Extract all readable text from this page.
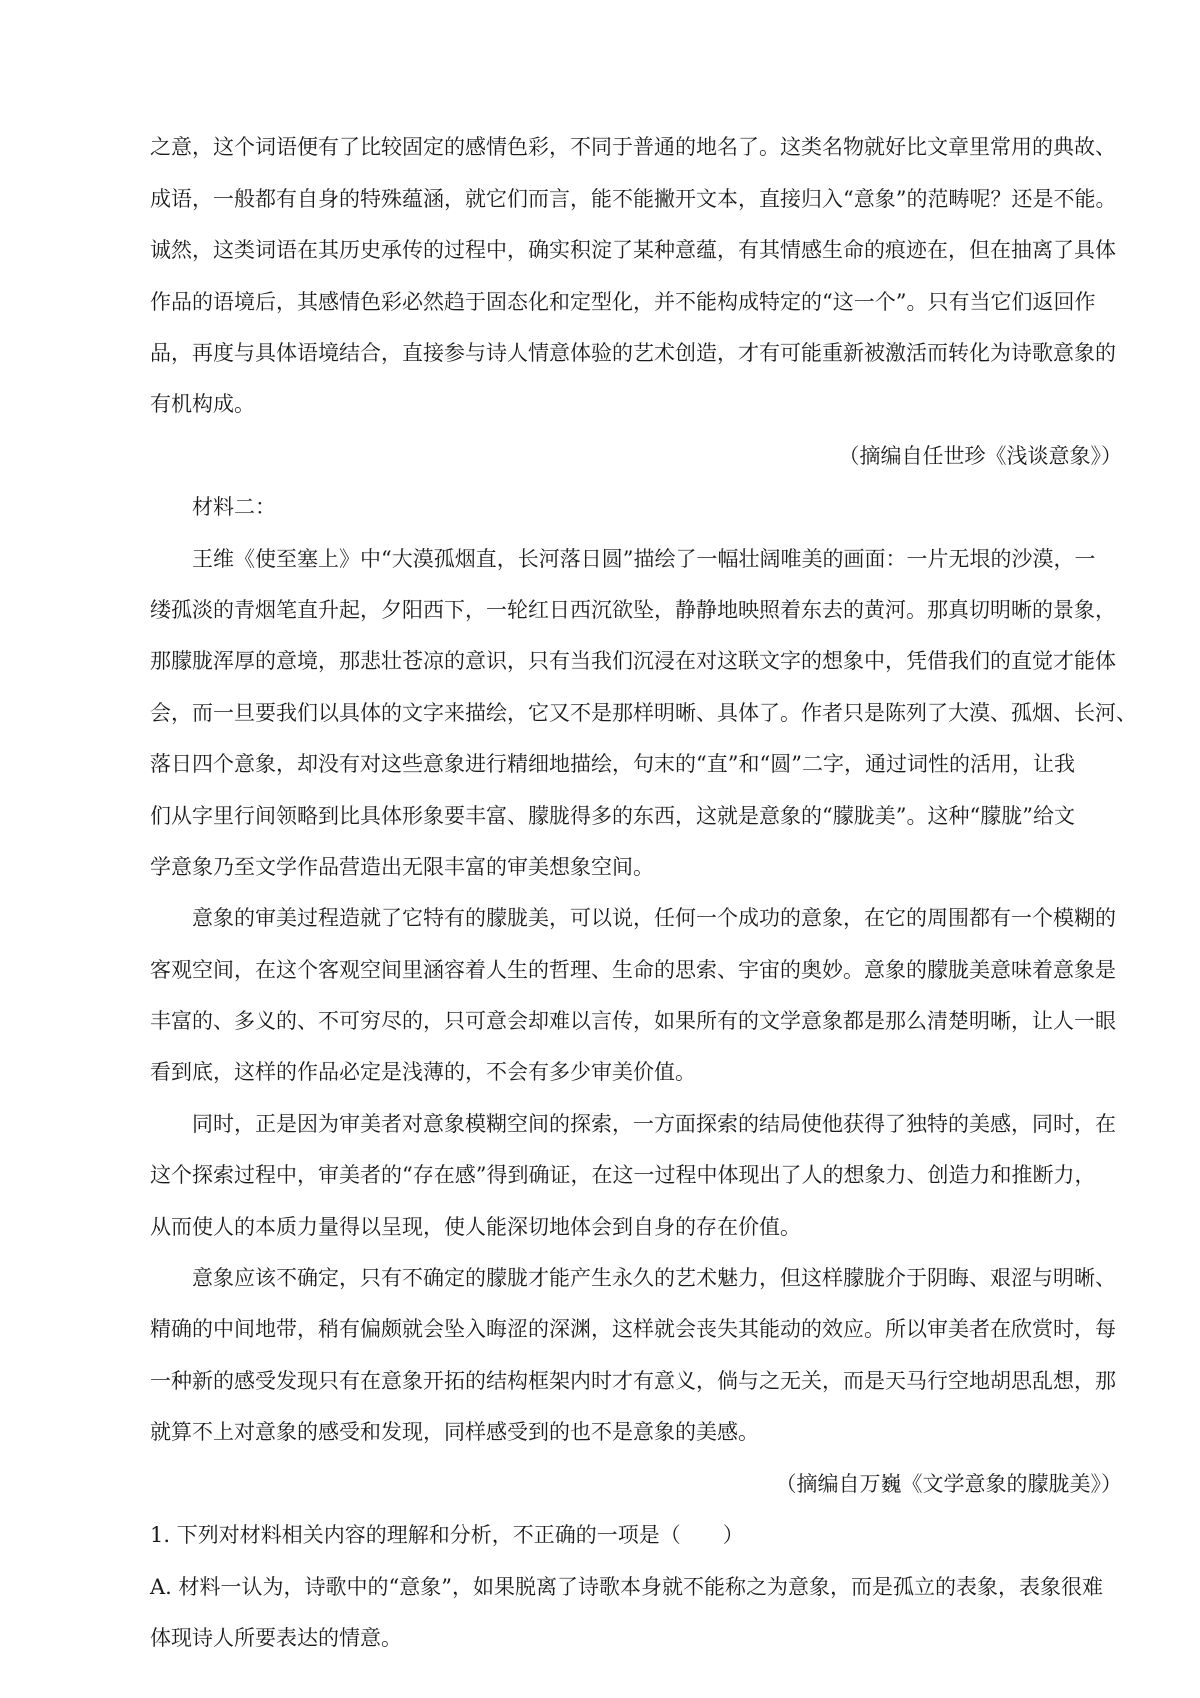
之意，这个词语便有了比较固定的感情色彩，不同于普通的地名了。这类名物就好比文章里常用的典故、
成语，一般都有自身的特殊蕴涵，就它们而言，能不能撇开文本，直接归入“意象”的范畴呢？还是不能。
诚然，这类词语在其历史承传的过程中，确实积淀了某种意蕴，有其情感生命的痕迹在，但在抽离了具体
作品的语境后，其感情色彩必然趋于固态化和定型化，并不能构成特定的“这一个”。只有当它们返回作
品，再度与具体语境结合，直接参与诗人情意体验的艺术创造，才有可能重新被激活而转化为诗歌意象的
有机构成。
（摘编自任世珍《浅谈意象》）
材料二：
王维《使至塞上》中“大漠孤烟直，长河落日圆”描绘了一幅壮阔唯美的画面：一片无垠的沙漠，一
缕孤淡的青烟笔直升起，夕阳西下，一轮红日西沉欲坠，静静地映照着东去的黄河。那真切明晰的景象，
那朦胧浑厚的意境，那悲壮苍凉的意识，只有当我们沉浸在对这联文字的想象中，凭借我们的直觉才能体
会，而一旦要我们以具体的文字来描绘，它又不是那样明晰、具体了。作者只是陈列了大漠、孤烟、长河、
落日四个意象，却没有对这些意象进行精细地描绘，句末的“直”和“圆”二字，通过词性的活用，让我
们从字里行间领略到比具体形象要丰富、朦胧得多的东西，这就是意象的“朦胧美”。这种“朦胧”给文
学意象乃至文学作品营造出无限丰富的审美想象空间。
意象的审美过程造就了它特有的朦胧美，可以说，任何一个成功的意象，在它的周围都有一个模糊的
客观空间，在这个客观空间里涵容着人生的哲理、生命的思索、宇宙的奥妙。意象的朦胧美意味着意象是
丰富的、多义的、不可穷尽的，只可意会却难以言传，如果所有的文学意象都是那么清楚明晰，让人一眼
看到底，这样的作品必定是浅薄的，不会有多少审美价值。
同时，正是因为审美者对意象模糊空间的探索，一方面探索的结局使他获得了独特的美感，同时，在
这个探索过程中，审美者的“存在感”得到确证，在这一过程中体现出了人的想象力、创造力和推断力，
从而使人的本质力量得以呈现，使人能深切地体会到自身的存在价值。
意象应该不确定，只有不确定的朦胧才能产生永久的艺术魅力，但这样朦胧介于阴晦、艰涩与明晰、
精确的中间地带，稍有偏颇就会坠入晦涩的深渊，这样就会丧失其能动的效应。所以审美者在欣赏时，每
一种新的感受发现只有在意象开拓的结构框架内时才有意义，倘与之无关，而是天马行空地胡思乱想，那
就算不上对意象的感受和发现，同样感受到的也不是意象的美感。
（摘编自万巍《文学意象的朦胧美》）
1. 下列对材料相关内容的理解和分析，不正确的一项是（　　）
A. 材料一认为，诗歌中的“意象”，如果脱离了诗歌本身就不能称之为意象，而是孤立的表象，表象很难
体现诗人所要表达的情意。
